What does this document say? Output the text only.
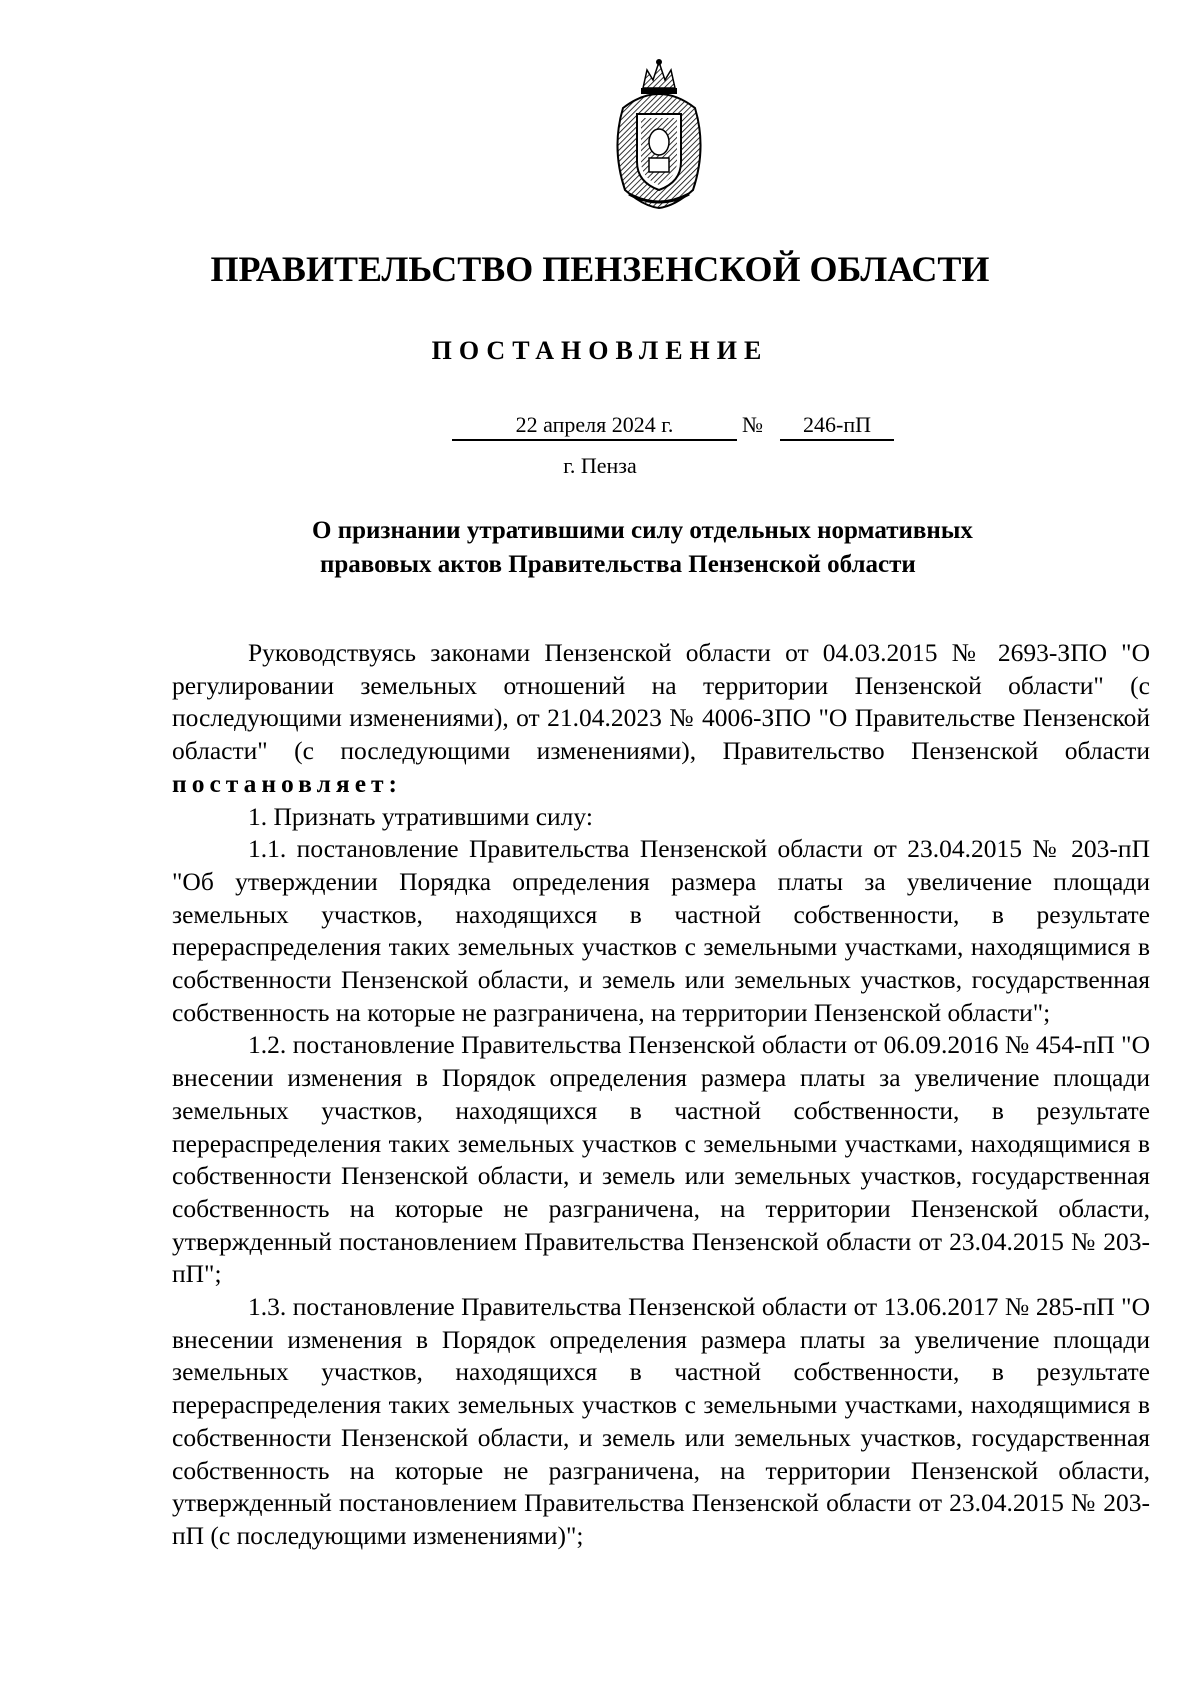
ПРАВИТЕЛЬСТВО ПЕНЗЕНСКОЙ ОБЛАСТИ
ПОСТАНОВЛЕНИЕ
22 апреля 2024 г.	№	246-пП
г. Пенза
О признании утратившими силу отдельных нормативных
правовых актов Правительства Пензенской области

Руководствуясь законами Пензенской области от 04.03.2015 № 2693-ЗПО "О регулировании земельных отношений на территории Пензенской области" (с последующими изменениями), от 21.04.2023 № 4006-ЗПО "О Правительстве Пензенской области" (с последующими изменениями), Правительство Пензенской области постановляет:

1. Признать утратившими силу:

1.1. постановление Правительства Пензенской области от 23.04.2015 № 203-пП "Об утверждении Порядка определения размера платы за увеличение площади земельных участков, находящихся в частной собственности, в результате перераспределения таких земельных участков с земельными участками, находящимися в собственности Пензенской области, и земель или земельных участков, государственная собственность на которые не разграничена, на территории Пензенской области";

1.2. постановление Правительства Пензенской области от 06.09.2016 № 454-пП "О внесении изменения в Порядок определения размера платы за увеличение площади земельных участков, находящихся в частной собственности, в результате перераспределения таких земельных участков с земельными участками, находящимися в собственности Пензенской области, и земель или земельных участков, государственная собственность на которые не разграничена, на территории Пензенской области, утвержденный постановлением Правительства Пензенской области от 23.04.2015 № 203-пП";

1.3. постановление Правительства Пензенской области от 13.06.2017 № 285-пП "О внесении изменения в Порядок определения размера платы за увеличение площади земельных участков, находящихся в частной собственности, в результате перераспределения таких земельных участков с земельными участками, находящимися в собственности Пензенской области, и земель или земельных участков, государственная собственность на которые не разграничена, на территории Пензенской области, утвержденный постановлением Правительства Пензенской области от 23.04.2015 № 203-пП (с последующими изменениями)";
